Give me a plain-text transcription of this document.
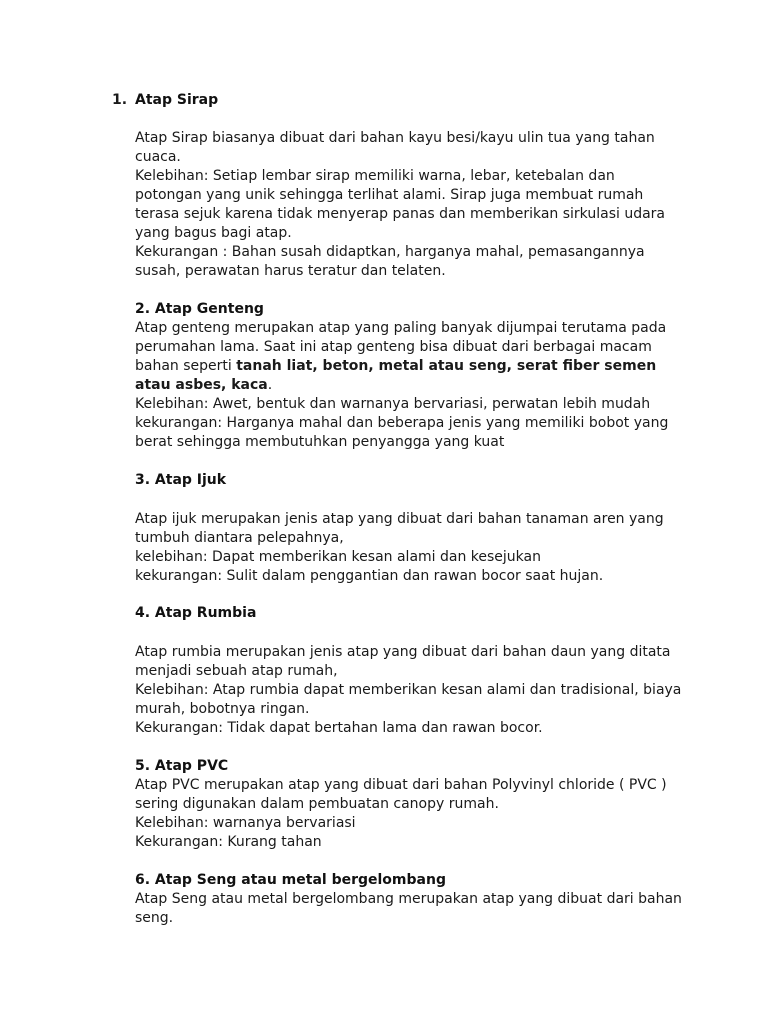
1. Atap Sirap
Atap Sirap biasanya dibuat dari bahan kayu besi/kayu ulin tua yang tahan
cuaca.
Kelebihan: Setiap lembar sirap memiliki warna, lebar, ketebalan dan
potongan yang unik sehingga terlihat alami. Sirap juga membuat rumah
terasa sejuk karena tidak menyerap panas dan memberikan sirkulasi udara
yang bagus bagi atap.
Kekurangan : Bahan susah didaptkan, harganya mahal, pemasangannya
susah, perawatan harus teratur dan telaten.
2. Atap Genteng
Atap genteng merupakan atap yang paling banyak dijumpai terutama pada
perumahan lama. Saat ini atap genteng bisa dibuat dari berbagai macam
bahan seperti tanah liat, beton, metal atau seng, serat fiber semen
atau asbes, kaca.
Kelebihan: Awet, bentuk dan warnanya bervariasi, perwatan lebih mudah
kekurangan: Harganya mahal dan beberapa jenis yang memiliki bobot yang
berat sehingga membutuhkan penyangga yang kuat
3. Atap Ijuk
Atap ijuk merupakan jenis atap yang dibuat dari bahan tanaman aren yang
tumbuh diantara pelepahnya,
kelebihan: Dapat memberikan kesan alami dan kesejukan
kekurangan: Sulit dalam penggantian dan rawan bocor saat hujan.
4. Atap Rumbia
Atap rumbia merupakan jenis atap yang dibuat dari bahan daun yang ditata
menjadi sebuah atap rumah,
Kelebihan: Atap rumbia dapat memberikan kesan alami dan tradisional, biaya
murah, bobotnya ringan.
Kekurangan: Tidak dapat bertahan lama dan rawan bocor.
5. Atap PVC
Atap PVC merupakan atap yang dibuat dari bahan Polyvinyl chloride ( PVC )
sering digunakan dalam pembuatan canopy rumah.
Kelebihan: warnanya bervariasi
Kekurangan: Kurang tahan
6. Atap Seng atau metal bergelombang
Atap Seng atau metal bergelombang merupakan atap yang dibuat dari bahan
seng.
